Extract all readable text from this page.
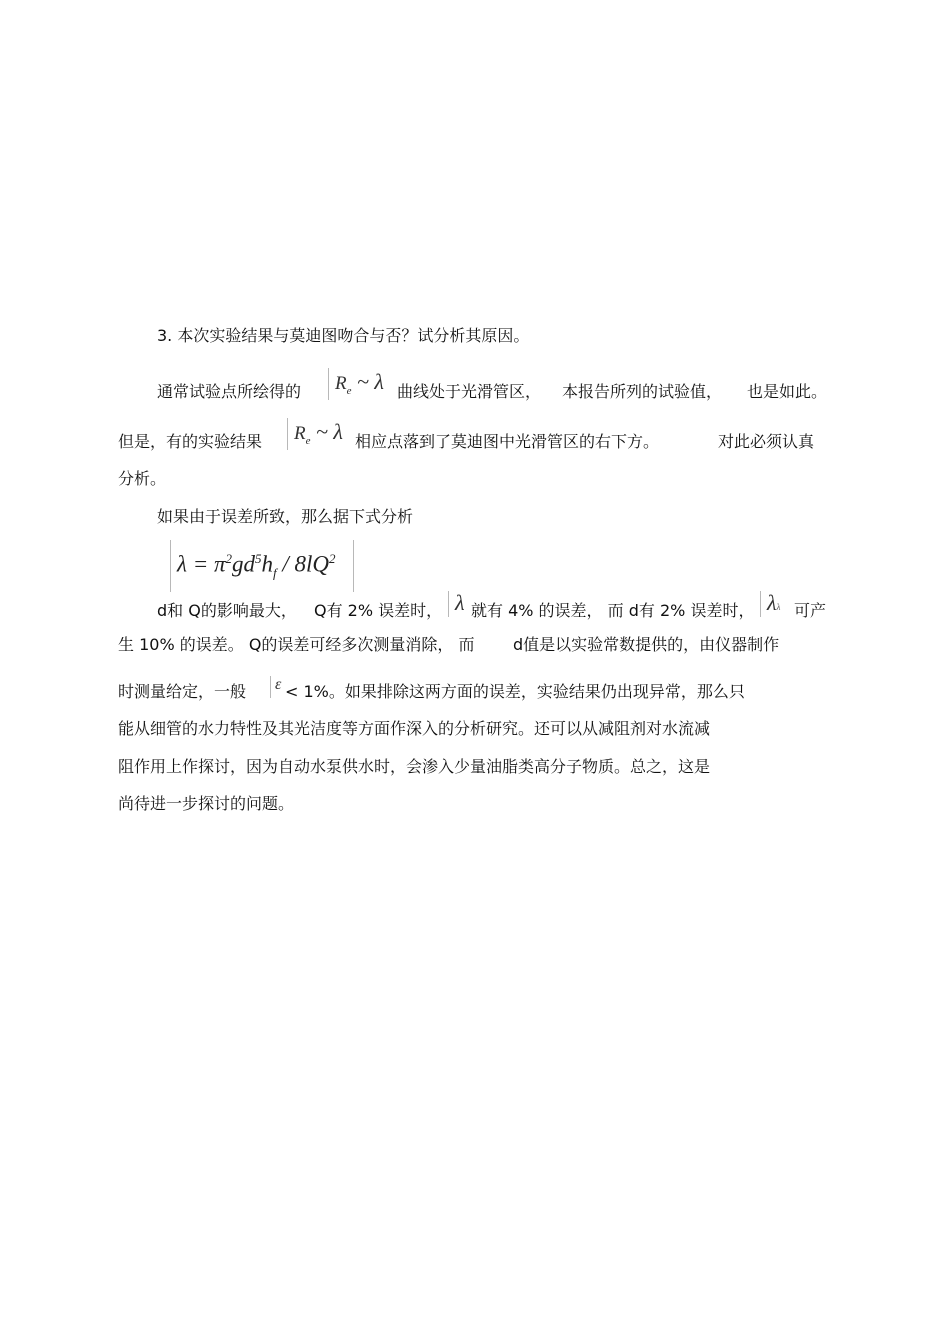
3. 本次实验结果与莫迪图吻合与否？试分析其原因。
通常试验点所绘得的	$R_e$ ~ λ 曲线处于光滑管区， 本报告所列的试验值， 也是如此。
但是，有的实验结果	$R_e$ ~ λ 相应点落到了莫迪图中光滑管区的右下方。	对此必须认真
分析。
如果由于误差所致，那么据下式分析
$\lambda = \pi^2gd^5h_f / 8lQ^2$
d和 Q的影响最大， Q有 2% 误差时， λ 就有 4% 的误差， 而 d有 2% 误差时， λλ 可产
生 10% 的误差。 Q的误差可经多次测量消除， 而 d值是以实验常数提供的，由仪器制作
时测量给定，一般	ε < 1%。如果排除这两方面的误差，实验结果仍出现异常，那么只
能从细管的水力特性及其光洁度等方面作深入的分析研究。还可以从减阻剂对水流减
阻作用上作探讨，因为自动水泵供水时，会渗入少量油脂类高分子物质。总之，这是
尚待进一步探讨的问题。
